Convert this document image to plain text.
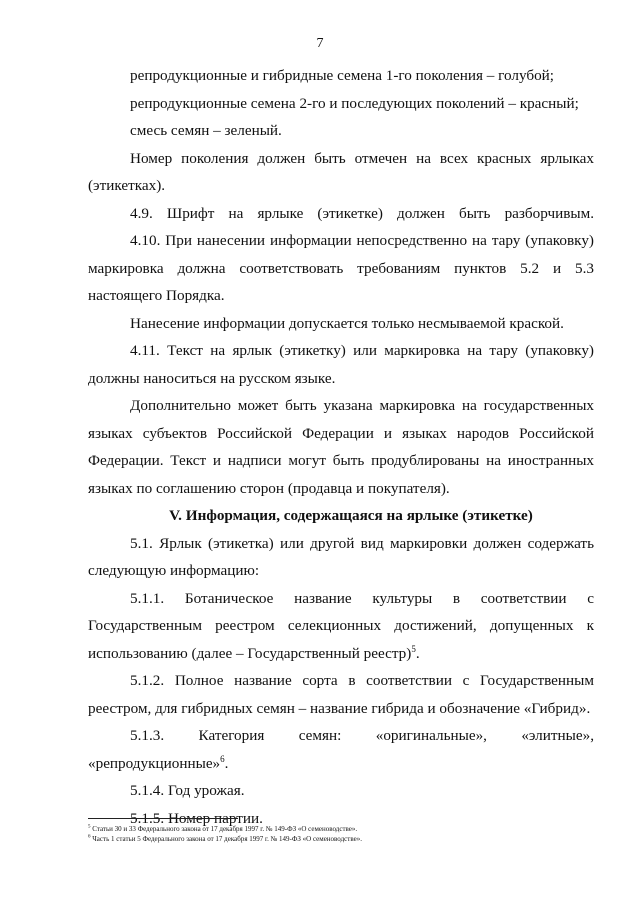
7

репродукционные и гибридные семена 1-го поколения – голубой;

репродукционные семена 2-го и последующих поколений – красный;

смесь семян – зеленый.

Номер поколения должен быть отмечен на всех красных ярлыках (этикетках).

4.9. Шрифт на ярлыке (этикетке) должен быть разборчивым.

4.10. При нанесении информации непосредственно на тару (упаковку) маркировка должна соответствовать требованиям пунктов 5.2 и 5.3 настоящего Порядка.

Нанесение информации допускается только несмываемой краской.

4.11. Текст на ярлык (этикетку) или маркировка на тару (упаковку) должны наноситься на русском языке.

Дополнительно может быть указана маркировка на государственных языках субъектов Российской Федерации и языках народов Российской Федерации. Текст и надписи могут быть продублированы на иностранных языках по соглашению сторон (продавца и покупателя).

V. Информация, содержащаяся на ярлыке (этикетке)

5.1. Ярлык (этикетка) или другой вид маркировки должен содержать следующую информацию:

5.1.1. Ботаническое название культуры в соответствии с Государственным реестром селекционных достижений, допущенных к использованию (далее – Государственный реестр)$^5$.

5.1.2. Полное название сорта в соответствии с Государственным реестром, для гибридных семян – название гибрида и обозначение «Гибрид».

5.1.3. Категория семян: «оригинальные», «элитные», «репродукционные»$^6$.

5.1.4. Год урожая.

5.1.5. Номер партии.

$^5$ Статьи 30 и 33 Федерального закона от 17 декабря 1997 г. № 149-ФЗ «О семеноводстве».

$^6$ Часть 1 статьи 5 Федерального закона от 17 декабря 1997 г. № 149-ФЗ «О семеноводстве».
